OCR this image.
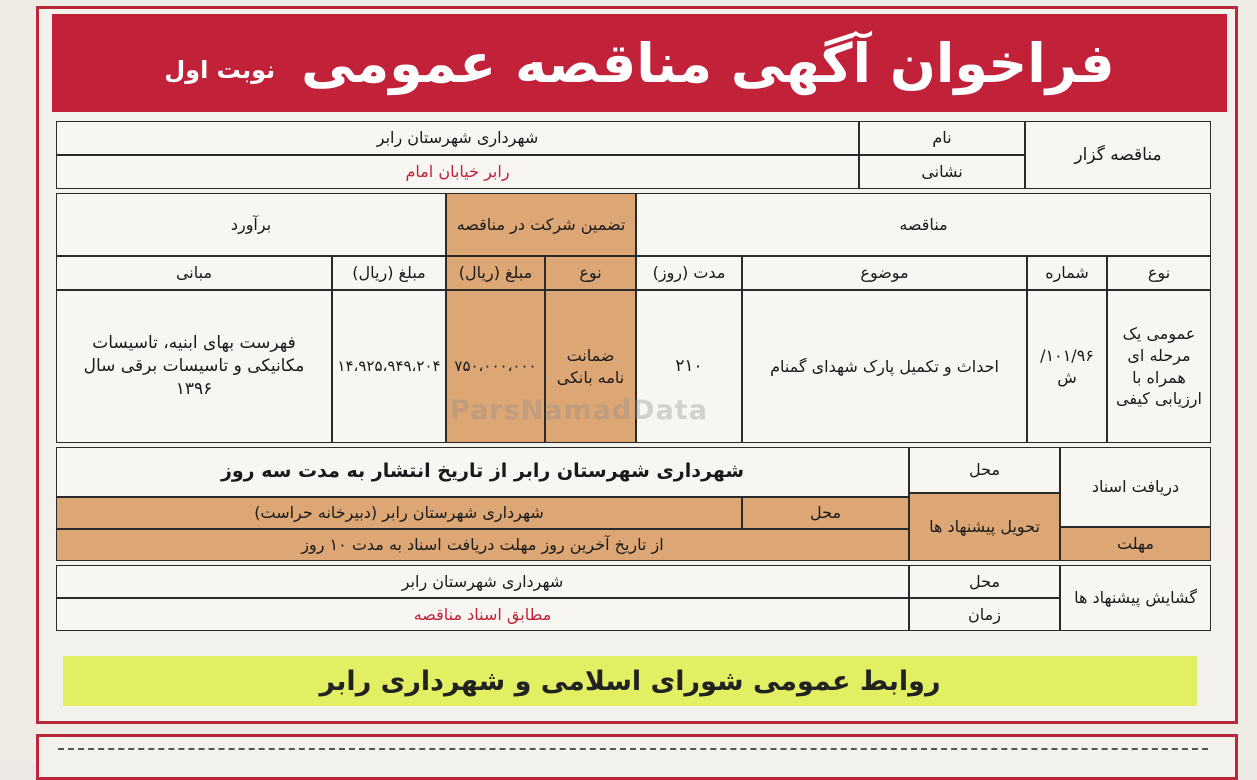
فراخوان آگهی مناقصه عمومی
نوبت اول
مناقصه گزار
نام
شهرداری شهرستان رابر
نشانی
رابر خیابان امام
مناقصه
تضمین شرکت در مناقصه
برآورد
نوع
شماره
موضوع
مدت (روز)
نوع
مبلغ (ریال)
مبلغ (ریال)
مبانی
عمومی یک مرحله ای همراه با ارزیابی کیفی
۱۰۱/۹۶/ش
احداث و تکمیل پارک شهدای گمنام
۲۱۰
ضمانت نامه بانکی
۷۵۰،۰۰۰،۰۰۰
۱۴،۹۲۵،۹۴۹،۲۰۴
فهرست بهای ابنیه، تاسیسات مکانیکی و تاسیسات برقی سال ۱۳۹۶
دریافت اسناد
محل
شهرداری شهرستان رابر از تاریخ انتشار به مدت سه روز
تحویل پیشنهاد ها
محل
شهرداری شهرستان رابر (دبیرخانه حراست)
مهلت
از تاریخ آخرین روز مهلت دریافت اسناد به مدت ۱۰ روز
گشایش پیشنهاد ها
محل
شهرداری شهرستان رابر
زمان
مطابق اسناد مناقصه
روابط عمومی شورای اسلامی و شهرداری رابر
ParsNamadData
